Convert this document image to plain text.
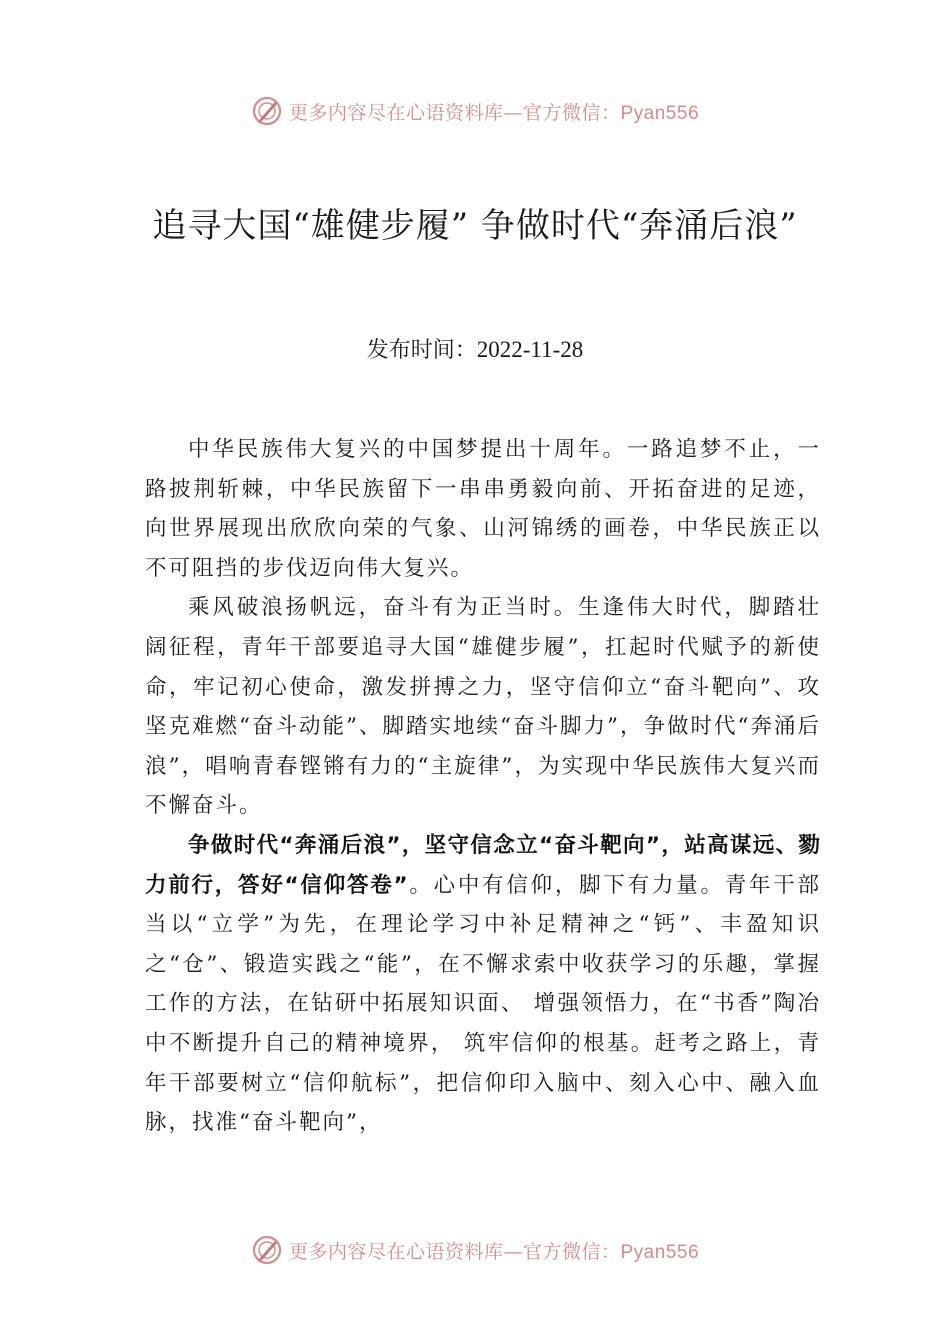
更多内容尽在心语资料库—官方微信：Pyan556
追寻大国“雄健步履” 争做时代“奔涌后浪”
发布时间：2022-11-28

中华民族伟大复兴的中国梦提出十周年。一路追梦不止，一路披荆斩棘，中华民族留下一串串勇毅向前、开拓奋进的足迹，向世界展现出欣欣向荣的气象、山河锦绣的画卷，中华民族正以不可阻挡的步伐迈向伟大复兴。

乘风破浪扬帆远，奋斗有为正当时。生逢伟大时代，脚踏壮阔征程，青年干部要追寻大国“雄健步履”，扛起时代赋予的新使命，牢记初心使命，激发拼搏之力，坚守信仰立“奋斗靶向”、攻坚克难燃“奋斗动能”、脚踏实地续“奋斗脚力”，争做时代“奔涌后浪”，唱响青春铿锵有力的“主旋律”，为实现中华民族伟大复兴而不懈奋斗。

争做时代“奔涌后浪”，坚守信念立“奋斗靶向”，站高谋远、勠力前行，答好“信仰答卷”。心中有信仰，脚下有力量。青年干部当以“立学”为先，在理论学习中补足精神之“钙”、丰盈知识之“仓”、锻造实践之“能”，在不懈求索中收获学习的乐趣，掌握工作的方法，在钻研中拓展知识面、 增强领悟力，在“书香”陶冶中不断提升自己的精神境界， 筑牢信仰的根基。赶考之路上，青年干部要树立“信仰航标”，把信仰印入脑中、刻入心中、融入血脉，找准“奋斗靶向”，

更多内容尽在心语资料库—官方微信：Pyan556
